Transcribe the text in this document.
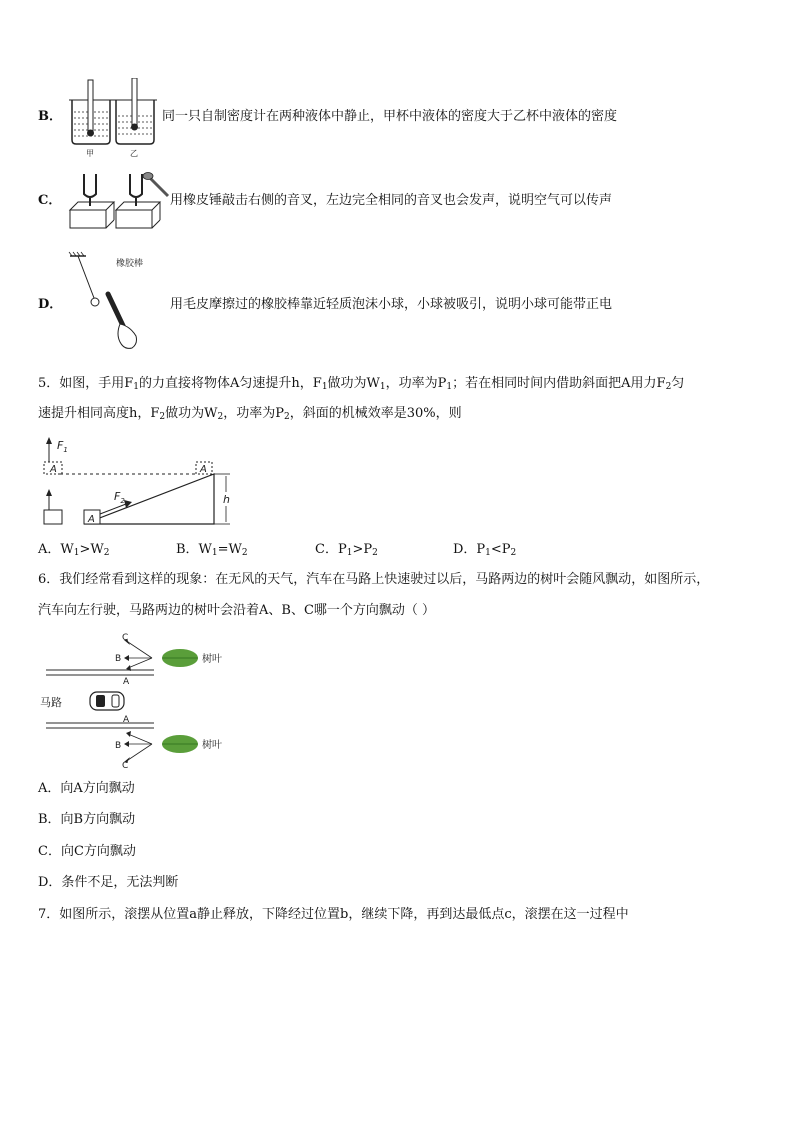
B．
甲	乙
同一只自制密度计在两种液体中静止，甲杯中液体的密度大于乙杯中液体的密度
C．	用橡皮锤敲击右侧的音叉，左边完全相同的音叉也会发声，说明空气可以传声
D．
橡胶棒
用毛皮摩擦过的橡胶棒靠近轻质泡沫小球，小球被吸引，说明小球可能带正电
5．如图，手用$F_1$的力直接将物体A匀速提升h，$F_1$做功为$W_1$，功率为$P_1$；若在相同时间内借助斜面把A用力$F_2$匀
速提升相同高度h，$F_2$做功为$W_2$，功率为$P_2$，斜面的机械效率是30%，则
A
$F_1$
A
$F_2$
A
h
A．$W_1>W_2$	B．$W_1=W_2$	C．$P_1>P_2$	D．$P_1<P_2$
6．我们经常看到这样的现象：在无风的天气，汽车在马路上快速驶过以后，马路两边的树叶会随风飘动，如图所示，
汽车向左行驶，马路两边的树叶会沿着A、B、C哪一个方向飘动（ ）
马路
树叶
C
B
A
树叶
A
B
C
A．向A方向飘动
B．向B方向飘动
C．向C方向飘动
D．条件不足，无法判断
7．如图所示，滚摆从位置a静止释放，下降经过位置b，继续下降，再到达最低点c，滚摆在这一过程中
